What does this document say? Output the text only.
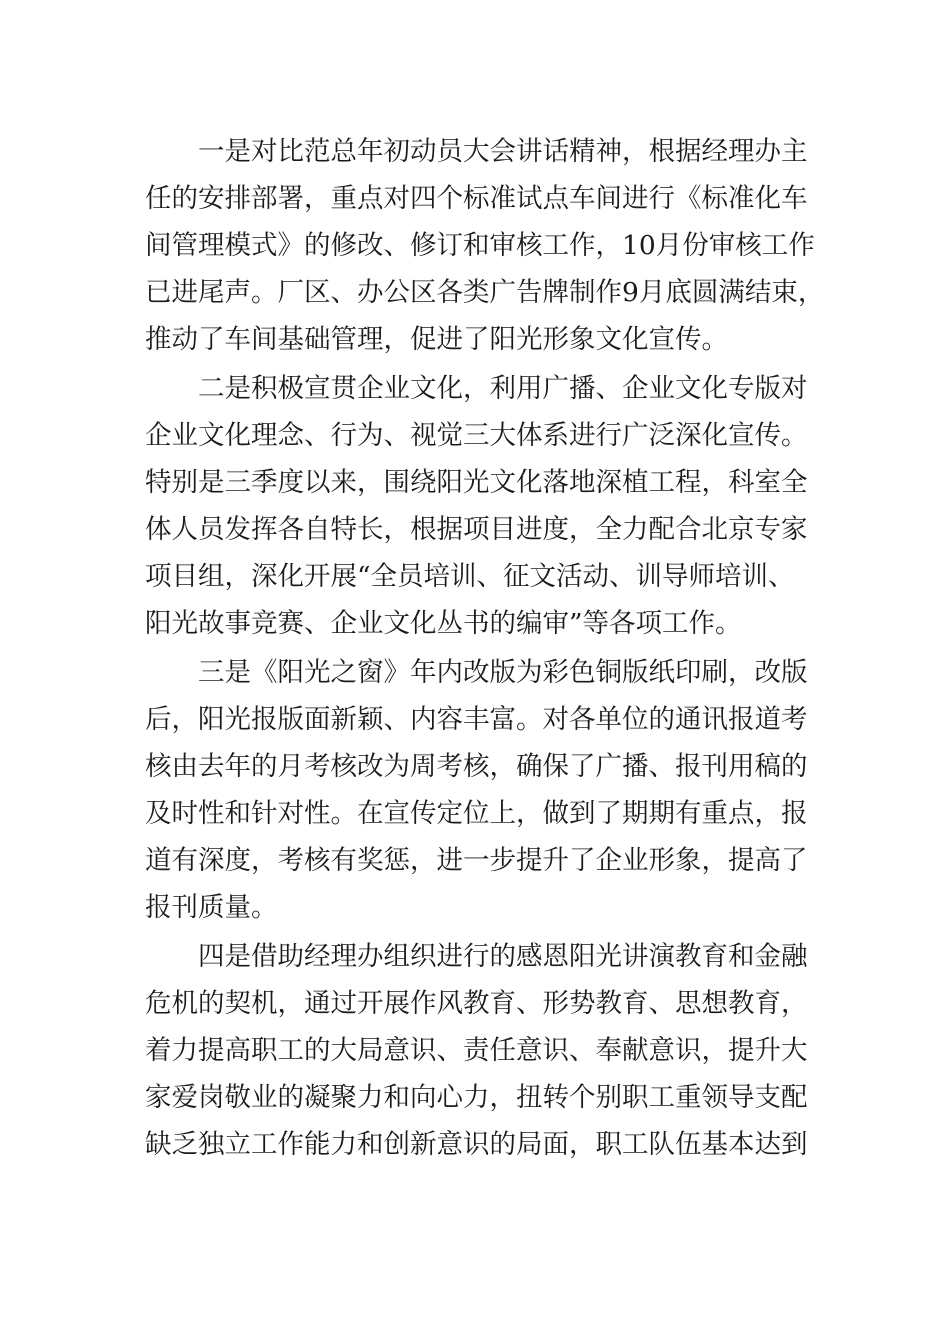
一是对比范总年初动员大会讲话精神，根据经理办主
任的安排部署，重点对四个标准试点车间进行《标准化车
间管理模式》的修改、修订和审核工作，10月份审核工作
已进尾声。厂区、办公区各类广告牌制作9月底圆满结束，
推动了车间基础管理，促进了阳光形象文化宣传。

二是积极宣贯企业文化，利用广播、企业文化专版对
企业文化理念、行为、视觉三大体系进行广泛深化宣传。
特别是三季度以来，围绕阳光文化落地深植工程，科室全
体人员发挥各自特长，根据项目进度，全力配合北京专家
项目组，深化开展“全员培训、征文活动、训导师培训、
阳光故事竞赛、企业文化丛书的编审”等各项工作。

三是《阳光之窗》年内改版为彩色铜版纸印刷，改版
后，阳光报版面新颖、内容丰富。对各单位的通讯报道考
核由去年的月考核改为周考核，确保了广播、报刊用稿的
及时性和针对性。在宣传定位上，做到了期期有重点，报
道有深度，考核有奖惩，进一步提升了企业形象，提高了
报刊质量。

四是借助经理办组织进行的感恩阳光讲演教育和金融
危机的契机，通过开展作风教育、形势教育、思想教育，
着力提高职工的大局意识、责任意识、奉献意识，提升大
家爱岗敬业的凝聚力和向心力，扭转个别职工重领导支配
缺乏独立工作能力和创新意识的局面，职工队伍基本达到
